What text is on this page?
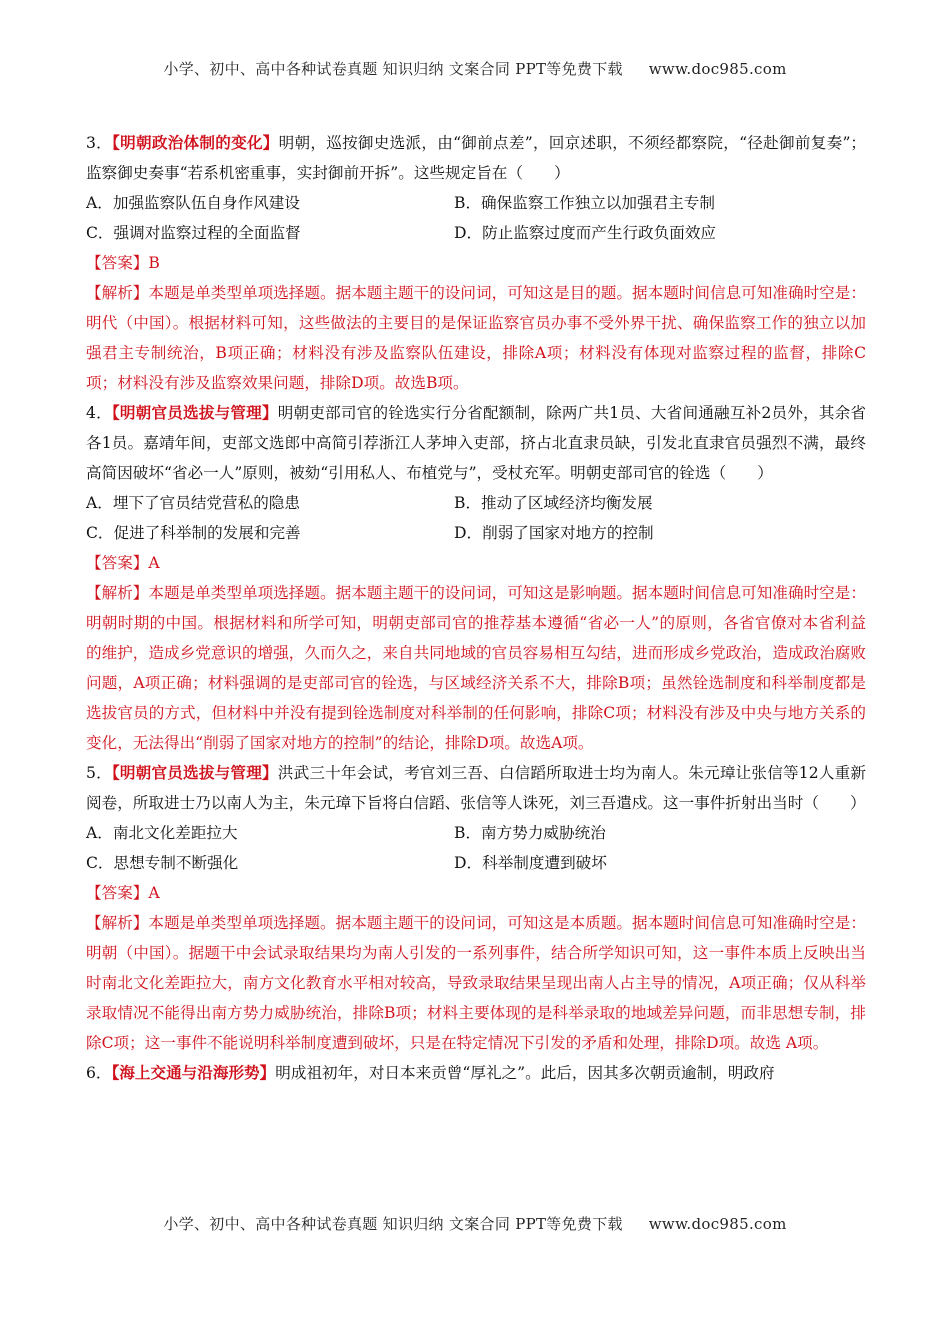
小学、初中、高中各种试卷真题 知识归纳 文案合同 PPT等免费下载 www.doc985.com

3．【明朝政治体制的变化】明朝，巡按御史选派，由“御前点差”，回京述职，不须经都察院，“径赴御前复奏”；监察御史奏事“若系机密重事，实封御前开拆”。这些规定旨在（　　）

A．加强监察队伍自身作风建设	B．确保监察工作独立以加强君主专制
C．强调对监察过程的全面监督	D．防止监察过度而产生行政负面效应

【答案】B

【解析】本题是单类型单项选择题。据本题主题干的设问词，可知这是目的题。据本题时间信息可知准确时空是：明代（中国）。根据材料可知，这些做法的主要目的是保证监察官员办事不受外界干扰、确保监察工作的独立以加强君主专制统治，B项正确；材料没有涉及监察队伍建设，排除A项；材料没有体现对监察过程的监督，排除C项；材料没有涉及监察效果问题，排除D项。故选B项。

4．【明朝官员选拔与管理】明朝吏部司官的铨选实行分省配额制，除两广共1员、大省间通融互补2员外，其余省各1员。嘉靖年间，吏部文选郎中高简引荐浙江人茅坤入吏部，挤占北直隶员缺，引发北直隶官员强烈不满，最终高简因破坏“省必一人”原则，被劾“引用私人、布植党与”，受杖充军。明朝吏部司官的铨选（　　）

A．埋下了官员结党营私的隐患	B．推动了区域经济均衡发展
C．促进了科举制的发展和完善	D．削弱了国家对地方的控制

【答案】A

【解析】本题是单类型单项选择题。据本题主题干的设问词，可知这是影响题。据本题时间信息可知准确时空是：明朝时期的中国。根据材料和所学可知，明朝吏部司官的推荐基本遵循“省必一人”的原则，各省官僚对本省利益的维护，造成乡党意识的增强，久而久之，来自共同地域的官员容易相互勾结，进而形成乡党政治，造成政治腐败问题，A项正确；材料强调的是吏部司官的铨选，与区域经济关系不大，排除B项；虽然铨选制度和科举制度都是选拔官员的方式，但材料中并没有提到铨选制度对科举制的任何影响，排除C项；材料没有涉及中央与地方关系的变化，无法得出“削弱了国家对地方的控制”的结论，排除D项。故选A项。

5．【明朝官员选拔与管理】洪武三十年会试，考官刘三吾、白信蹈所取进士均为南人。朱元璋让张信等12人重新阅卷，所取进士乃以南人为主，朱元璋下旨将白信蹈、张信等人诛死，刘三吾遣戍。这一事件折射出当时（　　）

A．南北文化差距拉大	B．南方势力威胁统治
C．思想专制不断强化	D．科举制度遭到破坏

【答案】A

【解析】本题是单类型单项选择题。据本题主题干的设问词，可知这是本质题。据本题时间信息可知准确时空是：明朝（中国）。据题干中会试录取结果均为南人引发的一系列事件，结合所学知识可知，这一事件本质上反映出当时南北文化差距拉大，南方文化教育水平相对较高，导致录取结果呈现出南人占主导的情况，A项正确；仅从科举录取情况不能得出南方势力威胁统治，排除B项；材料主要体现的是科举录取的地域差异问题，而非思想专制，排除C项；这一事件不能说明科举制度遭到破坏，只是在特定情况下引发的矛盾和处理，排除D项。故选 A项。

6．【海上交通与沿海形势】明成祖初年，对日本来贡曾“厚礼之”。此后，因其多次朝贡逾制，明政府

小学、初中、高中各种试卷真题 知识归纳 文案合同 PPT等免费下载 www.doc985.com
